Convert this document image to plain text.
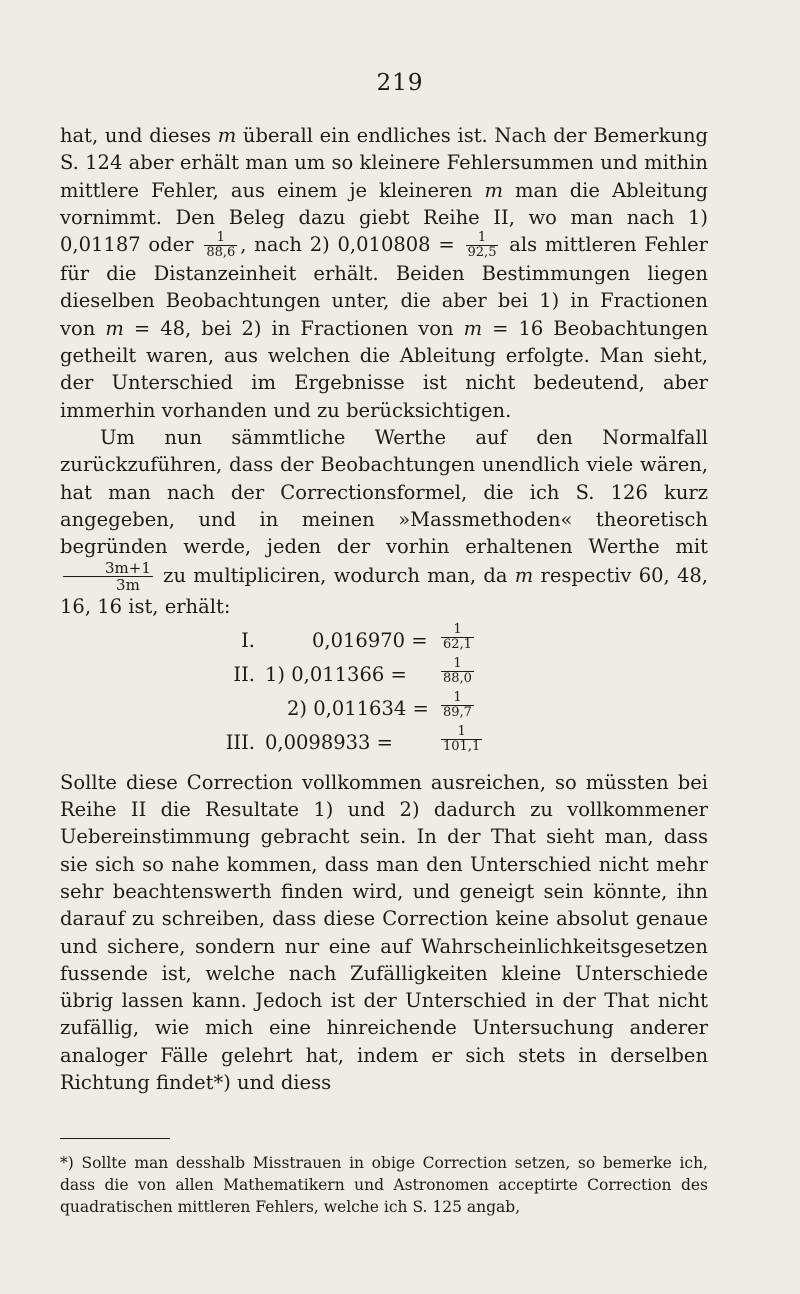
219

hat, und dieses m überall ein endliches ist. Nach der Bemerkung S. 124 aber erhält man um so kleinere Fehlersummen und mithin mittlere Fehler, aus einem je kleineren m man die Ableitung vornimmt. Den Beleg dazu giebt Reihe II, wo man nach 1) 0,01187 oder $\frac{1}{88,6}$ , nach 2) $0,010808 = \frac{1}{92,5}$ als mittleren Fehler für die Distanzeinheit erhält. Beiden Bestimmungen liegen dieselben Beobachtungen unter, die aber bei 1) in Fractionen von m = 48, bei 2) in Fractionen von m = 16 Beobachtungen getheilt waren, aus welchen die Ableitung erfolgte. Man sieht, der Unterschied im Ergebnisse ist nicht bedeutend, aber immerhin vorhanden und zu berücksichtigen.

Um nun sämmtliche Werthe auf den Normalfall zurückzuführen, dass der Beobachtungen unendlich viele wären, hat man nach der Correctionsformel, die ich S. 126 kurz angegeben, und in meinen »Massmethoden« theoretisch begründen werde, jeden der vorhin erhaltenen Werthe mit
$\frac{3m+1}{3m}$ zu multipliciren, wodurch man, da m respectiv 60, 48, 16, 16 ist, erhält:

I.	$0,016970 = \frac{1}{62,1}$
II. 1) 0,011366 =	$\frac{1}{88,0}$
2) $0,011634 = \frac{1}{89,7}$
III. 0,0098933 =	$\frac{1}{101,1}$

Sollte diese Correction vollkommen ausreichen, so müssten bei Reihe II die Resultate 1) und 2) dadurch zu vollkommener Uebereinstimmung gebracht sein. In der That sieht man, dass sie sich so nahe kommen, dass man den Unterschied nicht mehr sehr beachtenswerth finden wird, und geneigt sein könnte, ihn darauf zu schreiben, dass diese Correction keine absolut genaue und sichere, sondern nur eine auf Wahrscheinlichkeitsgesetzen fussende ist, welche nach Zufälligkeiten kleine Unterschiede übrig lassen kann. Jedoch ist der Unterschied in der That nicht zufällig, wie mich eine hinreichende Untersuchung anderer analoger Fälle gelehrt hat, indem er sich stets in derselben Richtung findet*) und diess

*) Sollte man desshalb Misstrauen in obige Correction setzen, so bemerke ich, dass die von allen Mathematikern und Astronomen acceptirte Correction des quadratischen mittleren Fehlers, welche ich S. 125 angab,
